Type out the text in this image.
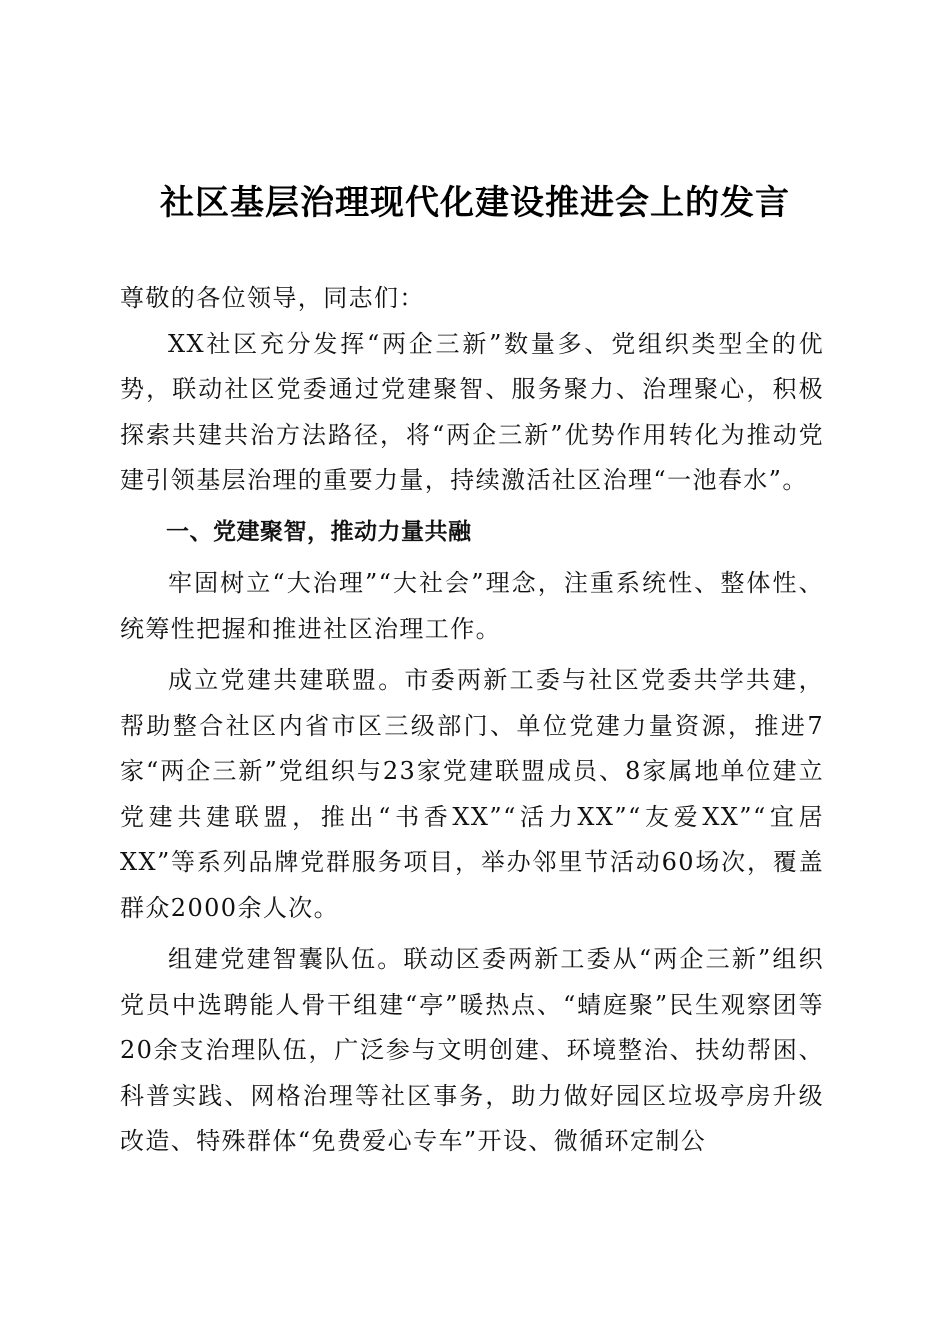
社区基层治理现代化建设推进会上的发言

尊敬的各位领导，同志们：

XX社区充分发挥“两企三新”数量多、党组织类型全的优势，联动社区党委通过党建聚智、服务聚力、治理聚心，积极探索共建共治方法路径，将“两企三新”优势作用转化为推动党建引领基层治理的重要力量，持续激活社区治理“一池春水”。

一、党建聚智，推动力量共融

牢固树立“大治理”“大社会”理念，注重系统性、整体性、统筹性把握和推进社区治理工作。

成立党建共建联盟。市委两新工委与社区党委共学共建，帮助整合社区内省市区三级部门、单位党建力量资源，推进7家“两企三新”党组织与23家党建联盟成员、8家属地单位建立党建共建联盟，推出“书香XX”“活力XX”“友爱XX”“宜居XX”等系列品牌党群服务项目，举办邻里节活动60场次，覆盖群众2000余人次。

组建党建智囊队伍。联动区委两新工委从“两企三新”组织党员中选聘能人骨干组建“亭”暖热点、“蜻庭聚”民生观察团等20余支治理队伍，广泛参与文明创建、环境整治、扶幼帮困、科普实践、网格治理等社区事务，助力做好园区垃圾亭房升级改造、特殊群体“免费爱心专车”开设、微循环定制公
